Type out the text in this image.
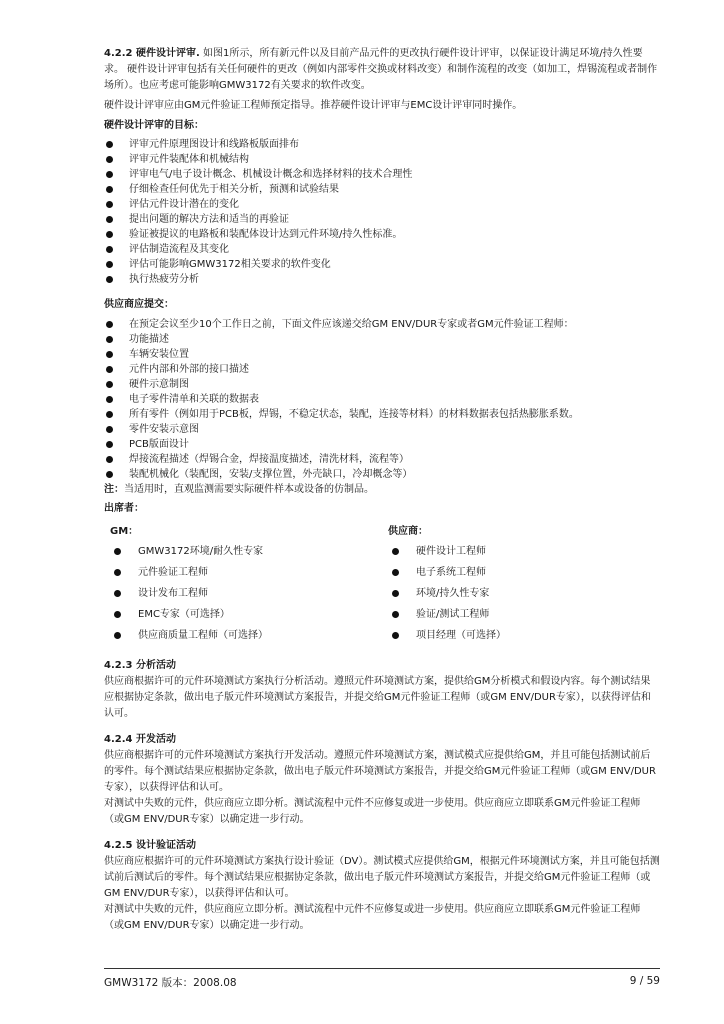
4.2.2 硬件设计评审. 如图1所示，所有新元件以及目前产品元件的更改执行硬件设计评审，以保证设计满足环境/持久性要求。 硬件设计评审包括有关任何硬件的更改（例如内部零件交换或材料改变）和制作流程的改变（如加工，焊锡流程或者制作场所）。也应考虑可能影响GMW3172有关要求的软件改变。

硬件设计评审应由GM元件验证工程师预定指导。推荐硬件设计评审与EMC设计评审同时操作。

硬件设计评审的目标：

评审元件原理图设计和线路板版面排布
评审元件装配体和机械结构
评审电气/电子设计概念、机械设计概念和选择材料的技术合理性
仔细检查任何优先于相关分析，预测和试验结果
评估元件设计潜在的变化
提出问题的解决方法和适当的再验证
验证被提议的电路板和装配体设计达到元件环境/持久性标准。
评估制造流程及其变化
评估可能影响GMW3172相关要求的软件变化
执行热疲劳分析

供应商应提交：

在预定会议至少10个工作日之前，下面文件应该递交给GM ENV/DUR专家或者GM元件验证工程师：
功能描述
车辆安装位置
元件内部和外部的接口描述
硬件示意制图
电子零件清单和关联的数据表
所有零件（例如用于PCB板，焊锡，不稳定状态，装配，连接等材料）的材料数据表包括热膨胀系数。
零件安装示意图
PCB版面设计
焊接流程描述（焊锡合金，焊接温度描述，清洗材料，流程等）
装配机械化（装配图，安装/支撑位置，外壳缺口，冷却概念等）

注：当适用时，直观监测需要实际硬件样本或设备的仿制品。

出席者：

GM：
GMW3172环境/耐久性专家
元件验证工程师
设计发布工程师
EMC专家（可选择）
供应商质量工程师（可选择）
供应商：
硬件设计工程师
电子系统工程师
环境/持久性专家
验证/测试工程师
项目经理（可选择）

4.2.3 分析活动

供应商根据许可的元件环境测试方案执行分析活动。遵照元件环境测试方案，提供给GM分析模式和假设内容。每个测试结果应根据协定条款，做出电子版元件环境测试方案报告，并提交给GM元件验证工程师（或GM ENV/DUR专家），以获得评估和认可。

4.2.4 开发活动

供应商根据许可的元件环境测试方案执行开发活动。遵照元件环境测试方案，测试模式应提供给GM，并且可能包括测试前后的零件。每个测试结果应根据协定条款，做出电子版元件环境测试方案报告，并提交给GM元件验证工程师（或GM ENV/DUR专家），以获得评估和认可。

对测试中失败的元件，供应商应立即分析。测试流程中元件不应修复或进一步使用。供应商应立即联系GM元件验证工程师（或GM ENV/DUR专家）以确定进一步行动。

4.2.5 设计验证活动

供应商应根据许可的元件环境测试方案执行设计验证（DV）。测试模式应提供给GM，根据元件环境测试方案，并且可能包括测试前后测试后的零件。每个测试结果应根据协定条款，做出电子版元件环境测试方案报告，并提交给GM元件验证工程师（或GM ENV/DUR专家），以获得评估和认可。

对测试中失败的元件，供应商应立即分析。测试流程中元件不应修复或进一步使用。供应商应立即联系GM元件验证工程师（或GM ENV/DUR专家）以确定进一步行动。

GMW3172 版本：2008.08	9 / 59
